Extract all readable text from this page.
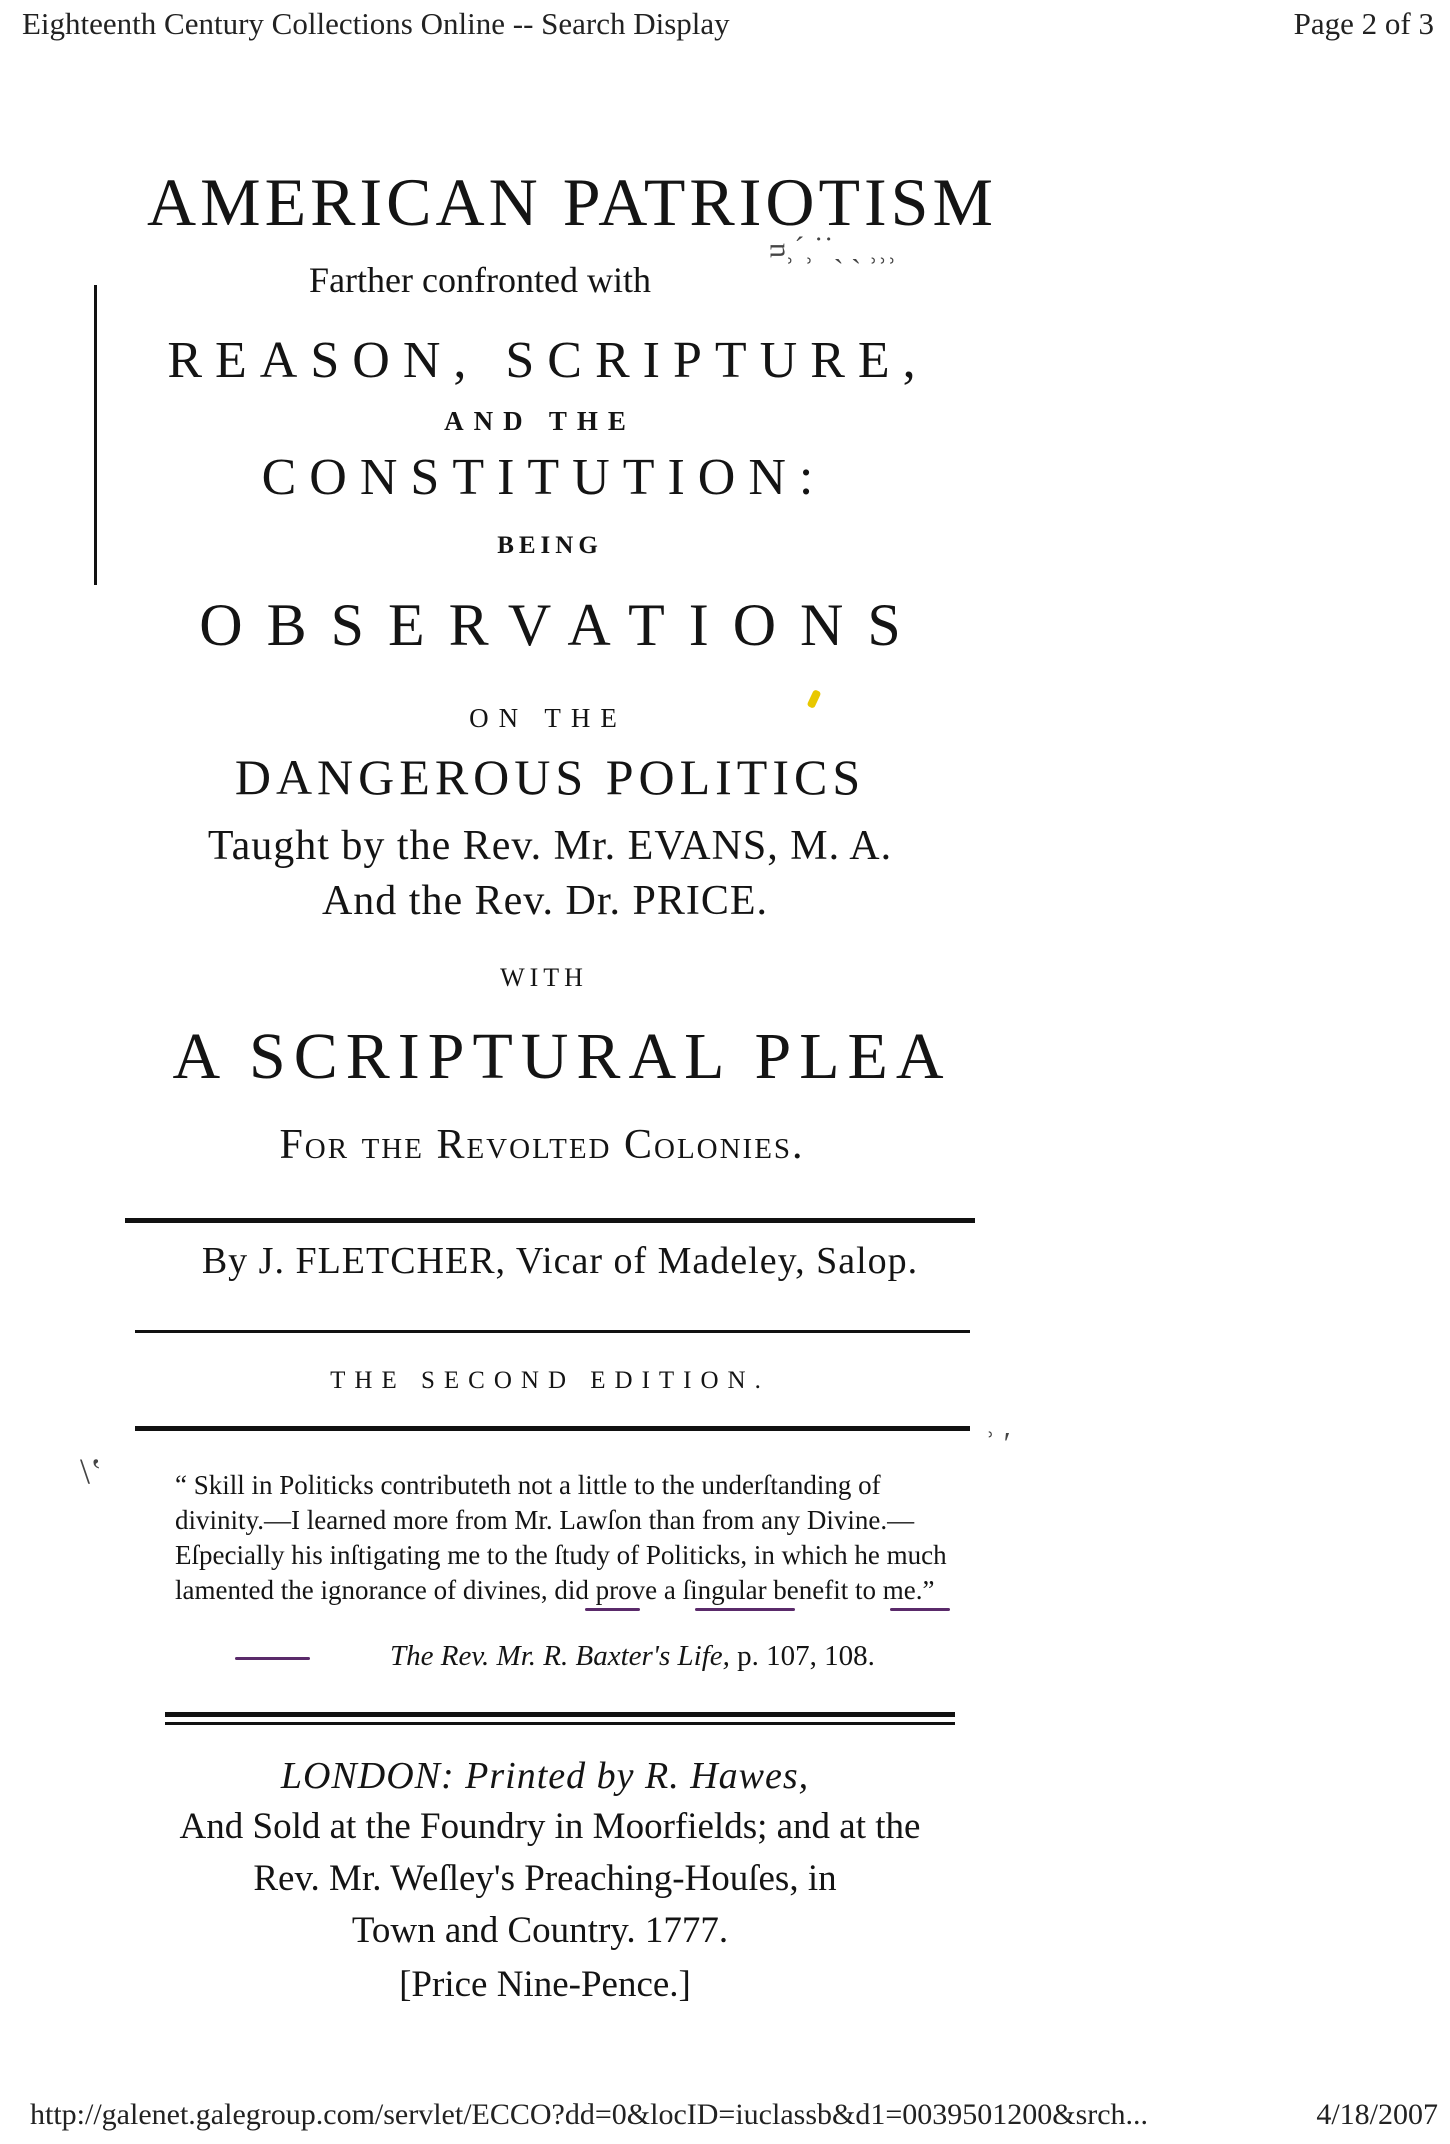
Eighteenth Century Collections Online -- Search Display	Page 2 of 3
ᴝ⸒ˊ⸒˙˙ˏ ˏ ⸒⸒⸒
\‛
ʾ ʹ
AMERICAN PATRIOTISM
Farther confronted with
REASON, SCRIPTURE,
AND THE
CONSTITUTION:
BEING
OBSERVATIONS
ON THE
DANGEROUS POLITICS
Taught by the Rev. Mr. EVANS, M. A.
And the Rev. Dr. PRICE.
WITH
A SCRIPTURAL PLEA
For the Revolted Colonies.
By J. FLETCHER, Vicar of Madeley, Salop.
THE SECOND EDITION.
“ Skill in Politicks contributeth not a little to the underſtanding of divinity.—I learned more from Mr. Lawſon than from any Divine.—Eſpecially his inſtigating me to the ſtudy of Politicks, in which he much lamented the ignorance of divines, did prove a ſingular benefit to me.”
The Rev. Mr. R. Baxter's Life, p. 107, 108.
LONDON: Printed by R. Hawes,
And Sold at the Foundry in Moorfields; and at the
Rev. Mr. Weſley's Preaching-Houſes, in
Town and Country. 1777.
[Price Nine-Pence.]
http://galenet.galegroup.com/servlet/ECCO?dd=0&locID=iuclassb&d1=0039501200&srch...	4/18/2007
